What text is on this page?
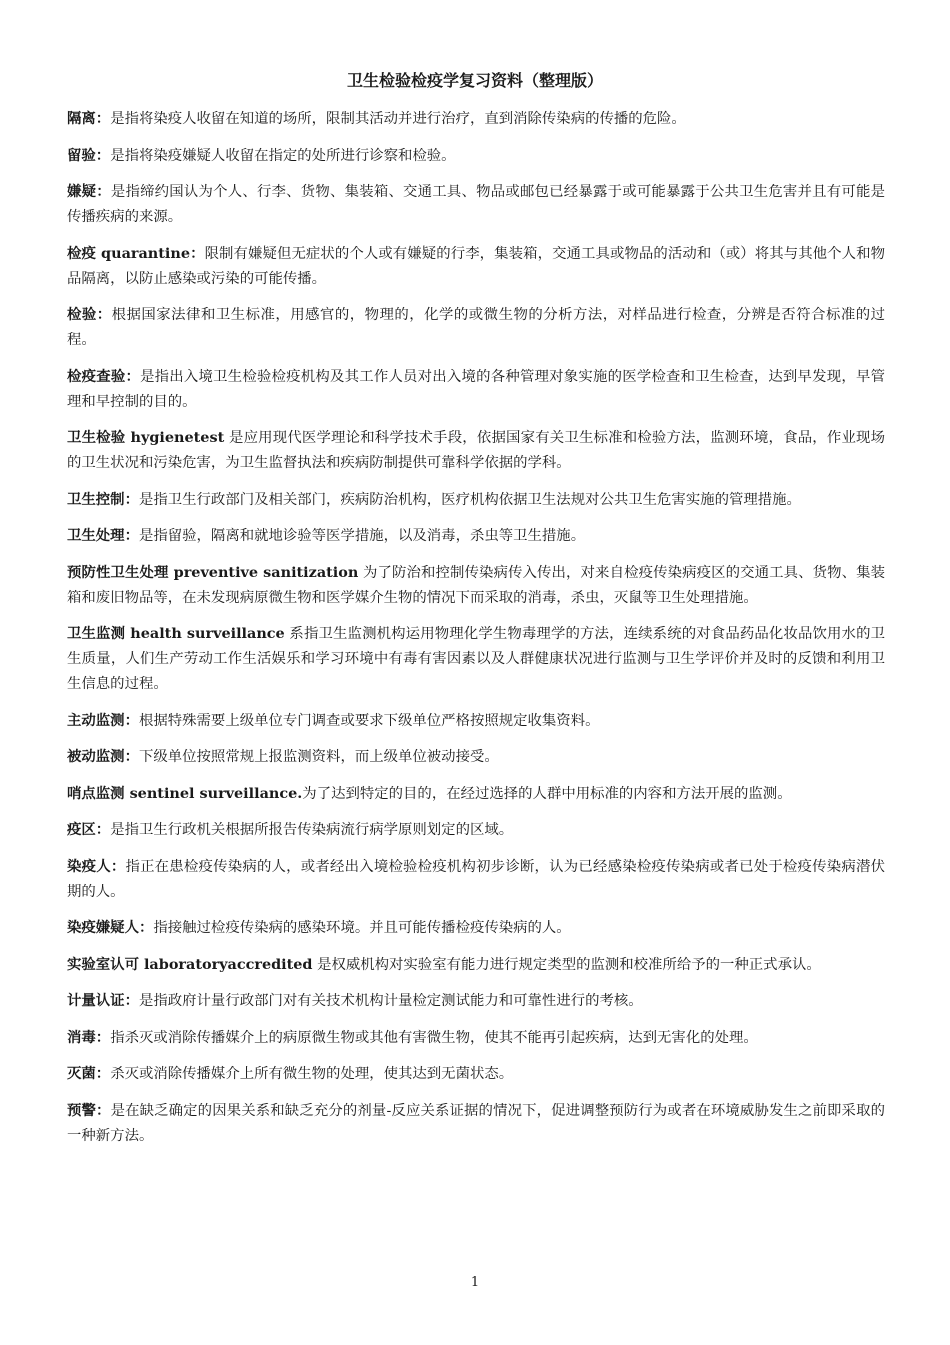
卫生检验检疫学复习资料（整理版）

隔离：是指将染疫人收留在知道的场所，限制其活动并进行治疗，直到消除传染病的传播的危险。

留验：是指将染疫嫌疑人收留在指定的处所进行诊察和检验。

嫌疑：是指缔约国认为个人、行李、货物、集装箱、交通工具、物品或邮包已经暴露于或可能暴露于公共卫生危害并且有可能是传播疾病的来源。

检疫 quarantine：限制有嫌疑但无症状的个人或有嫌疑的行李，集装箱，交通工具或物品的活动和（或）将其与其他个人和物品隔离，以防止感染或污染的可能传播。

检验：根据国家法律和卫生标准，用感官的，物理的，化学的或微生物的分析方法，对样品进行检查，分辨是否符合标准的过程。

检疫查验：是指出入境卫生检验检疫机构及其工作人员对出入境的各种管理对象实施的医学检查和卫生检查，达到早发现，早管理和早控制的目的。

卫生检验 hygienetest 是应用现代医学理论和科学技术手段，依据国家有关卫生标准和检验方法，监测环境，食品，作业现场的卫生状况和污染危害，为卫生监督执法和疾病防制提供可靠科学依据的学科。

卫生控制：是指卫生行政部门及相关部门，疾病防治机构，医疗机构依据卫生法规对公共卫生危害实施的管理措施。

卫生处理：是指留验，隔离和就地诊验等医学措施，以及消毒，杀虫等卫生措施。

预防性卫生处理 preventive sanitization 为了防治和控制传染病传入传出，对来自检疫传染病疫区的交通工具、货物、集装箱和废旧物品等，在未发现病原微生物和医学媒介生物的情况下而采取的消毒，杀虫，灭鼠等卫生处理措施。

卫生监测 health surveillance 系指卫生监测机构运用物理化学生物毒理学的方法，连续系统的对食品药品化妆品饮用水的卫生质量，人们生产劳动工作生活娱乐和学习环境中有毒有害因素以及人群健康状况进行监测与卫生学评价并及时的反馈和利用卫生信息的过程。

主动监测：根据特殊需要上级单位专门调查或要求下级单位严格按照规定收集资料。

被动监测：下级单位按照常规上报监测资料，而上级单位被动接受。

哨点监测 sentinel surveillance.为了达到特定的目的，在经过选择的人群中用标准的内容和方法开展的监测。

疫区：是指卫生行政机关根据所报告传染病流行病学原则划定的区域。

染疫人：指正在患检疫传染病的人，或者经出入境检验检疫机构初步诊断，认为已经感染检疫传染病或者已处于检疫传染病潜伏期的人。

染疫嫌疑人：指接触过检疫传染病的感染环境。并且可能传播检疫传染病的人。

实验室认可 laboratoryaccredited 是权威机构对实验室有能力进行规定类型的监测和校准所给予的一种正式承认。

计量认证：是指政府计量行政部门对有关技术机构计量检定测试能力和可靠性进行的考核。

消毒：指杀灭或消除传播媒介上的病原微生物或其他有害微生物，使其不能再引起疾病，达到无害化的处理。

灭菌：杀灭或消除传播媒介上所有微生物的处理，使其达到无菌状态。

预警：是在缺乏确定的因果关系和缺乏充分的剂量-反应关系证据的情况下，促进调整预防行为或者在环境威胁发生之前即采取的一种新方法。

1
